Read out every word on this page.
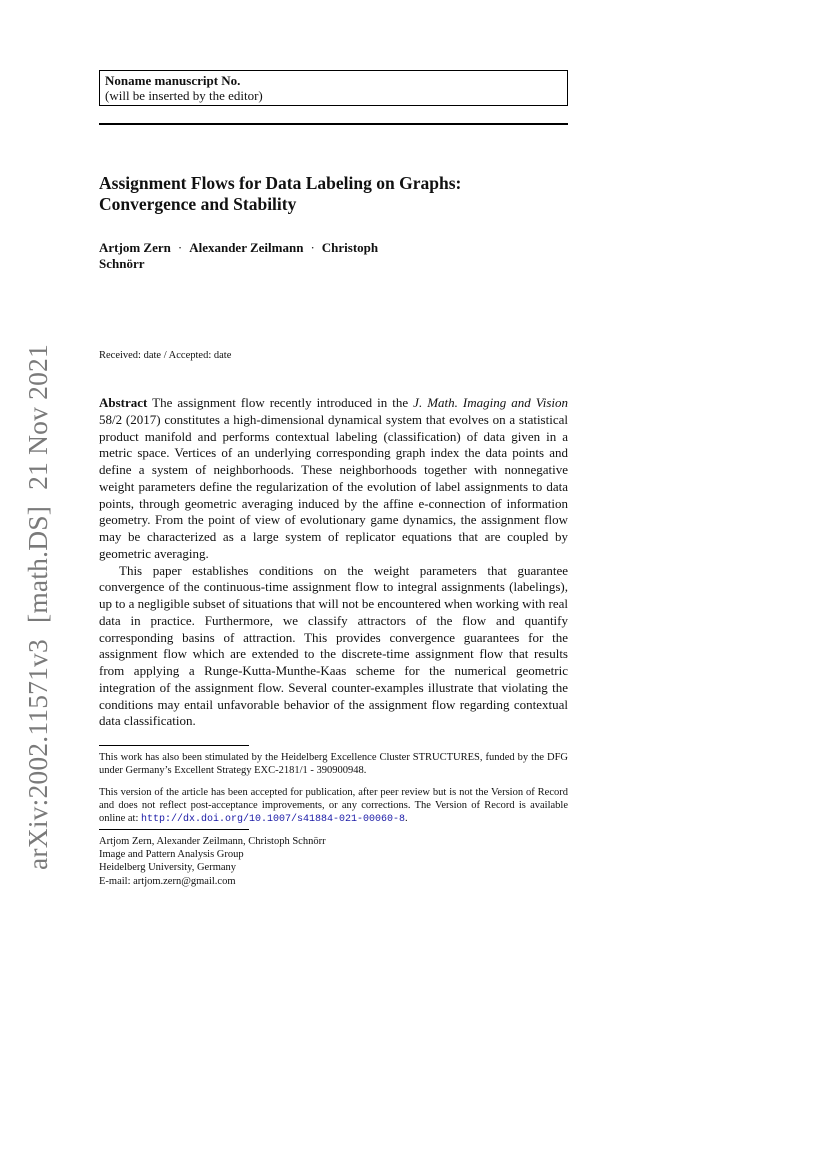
Noname manuscript No.
(will be inserted by the editor)
Assignment Flows for Data Labeling on Graphs:
Convergence and Stability
Artjom Zern · Alexander Zeilmann · Christoph
Schnörr
Received: date / Accepted: date

Abstract The assignment flow recently introduced in the J. Math. Imaging and Vision 58/2 (2017) constitutes a high-dimensional dynamical system that evolves on a statistical product manifold and performs contextual labeling (classification) of data given in a metric space. Vertices of an underlying corresponding graph index the data points and define a system of neighborhoods. These neighborhoods together with nonnegative weight parameters define the regularization of the evolution of label assignments to data points, through geometric averaging induced by the affine e-connection of information geometry. From the point of view of evolutionary game dynamics, the assignment flow may be characterized as a large system of replicator equations that are coupled by geometric averaging.

This paper establishes conditions on the weight parameters that guarantee convergence of the continuous-time assignment flow to integral assignments (labelings), up to a negligible subset of situations that will not be encountered when working with real data in practice. Furthermore, we classify attractors of the flow and quantify corresponding basins of attraction. This provides convergence guarantees for the assignment flow which are extended to the discrete-time assignment flow that results from applying a Runge-Kutta-Munthe-Kaas scheme for the numerical geometric integration of the assignment flow. Several counter-examples illustrate that violating the conditions may entail unfavorable behavior of the assignment flow regarding contextual data classification.

This work has also been stimulated by the Heidelberg Excellence Cluster STRUCTURES, funded by the DFG under Germany’s Excellent Strategy EXC-2181/1 - 390900948.
This version of the article has been accepted for publication, after peer review but is not the Version of Record and does not reflect post-acceptance improvements, or any corrections. The Version of Record is available online at: http://dx.doi.org/10.1007/s41884-021-00060-8.
Artjom Zern, Alexander Zeilmann, Christoph Schnörr
Image and Pattern Analysis Group
Heidelberg University, Germany
E-mail: artjom.zern@gmail.com
arXiv:2002.11571v3[math.DS]21 Nov 2021
